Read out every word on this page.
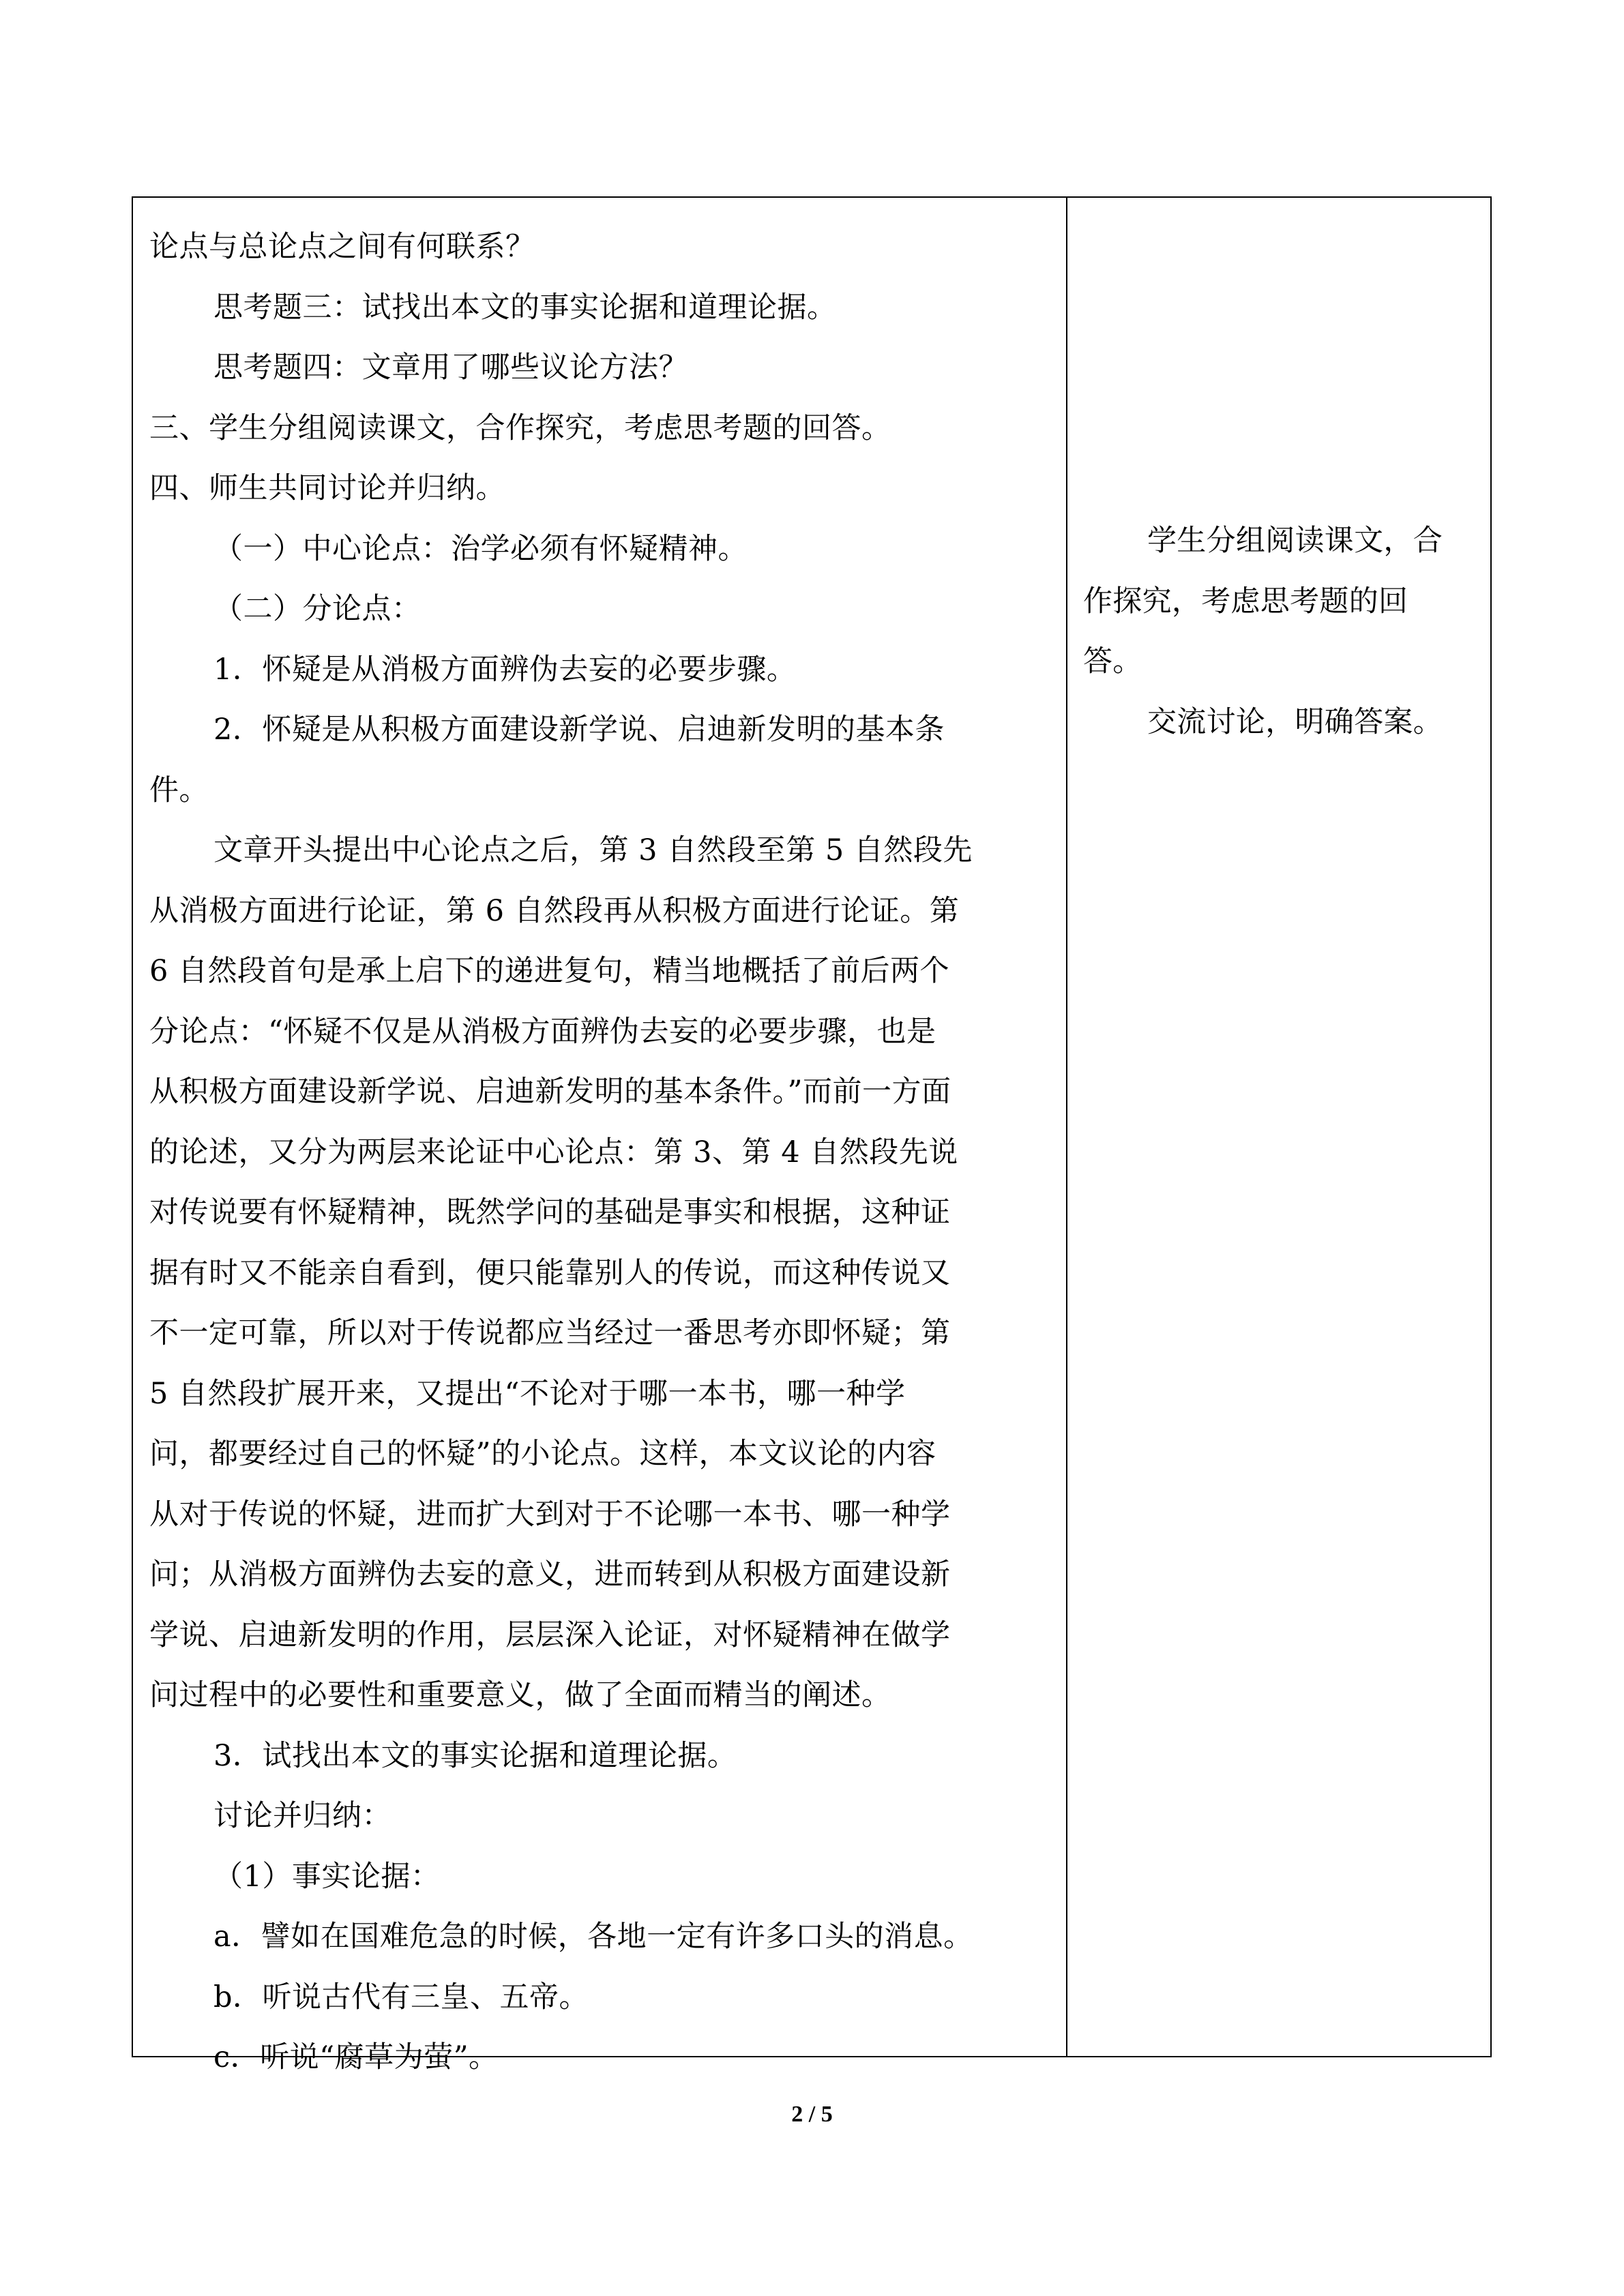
论点与总论点之间有何联系？
思考题三：试找出本文的事实论据和道理论据。
思考题四：文章用了哪些议论方法？
三、学生分组阅读课文，合作探究，考虑思考题的回答。
四、师生共同讨论并归纳。
（一）中心论点：治学必须有怀疑精神。
（二）分论点：
1．怀疑是从消极方面辨伪去妄的必要步骤。
2．怀疑是从积极方面建设新学说、启迪新发明的基本条
件。
文章开头提出中心论点之后，第 3 自然段至第 5 自然段先
从消极方面进行论证，第 6 自然段再从积极方面进行论证。第
6 自然段首句是承上启下的递进复句，精当地概括了前后两个
分论点：“怀疑不仅是从消极方面辨伪去妄的必要步骤，也是
从积极方面建设新学说、启迪新发明的基本条件。”而前一方面
的论述，又分为两层来论证中心论点：第 3、第 4 自然段先说
对传说要有怀疑精神，既然学问的基础是事实和根据，这种证
据有时又不能亲自看到，便只能靠别人的传说，而这种传说又
不一定可靠，所以对于传说都应当经过一番思考亦即怀疑；第
5 自然段扩展开来，又提出“不论对于哪一本书，哪一种学
问，都要经过自己的怀疑”的小论点。这样，本文议论的内容
从对于传说的怀疑，进而扩大到对于不论哪一本书、哪一种学
问；从消极方面辨伪去妄的意义，进而转到从积极方面建设新
学说、启迪新发明的作用，层层深入论证，对怀疑精神在做学
问过程中的必要性和重要意义，做了全面而精当的阐述。
3．试找出本文的事实论据和道理论据。
讨论并归纳：
（1）事实论据：
a．譬如在国难危急的时候，各地一定有许多口头的消息。
b．听说古代有三皇、五帝。
c．听说“腐草为萤”。
学生分组阅读课文，合
作探究，考虑思考题的回
答。
交流讨论，明确答案。
2 / 5
